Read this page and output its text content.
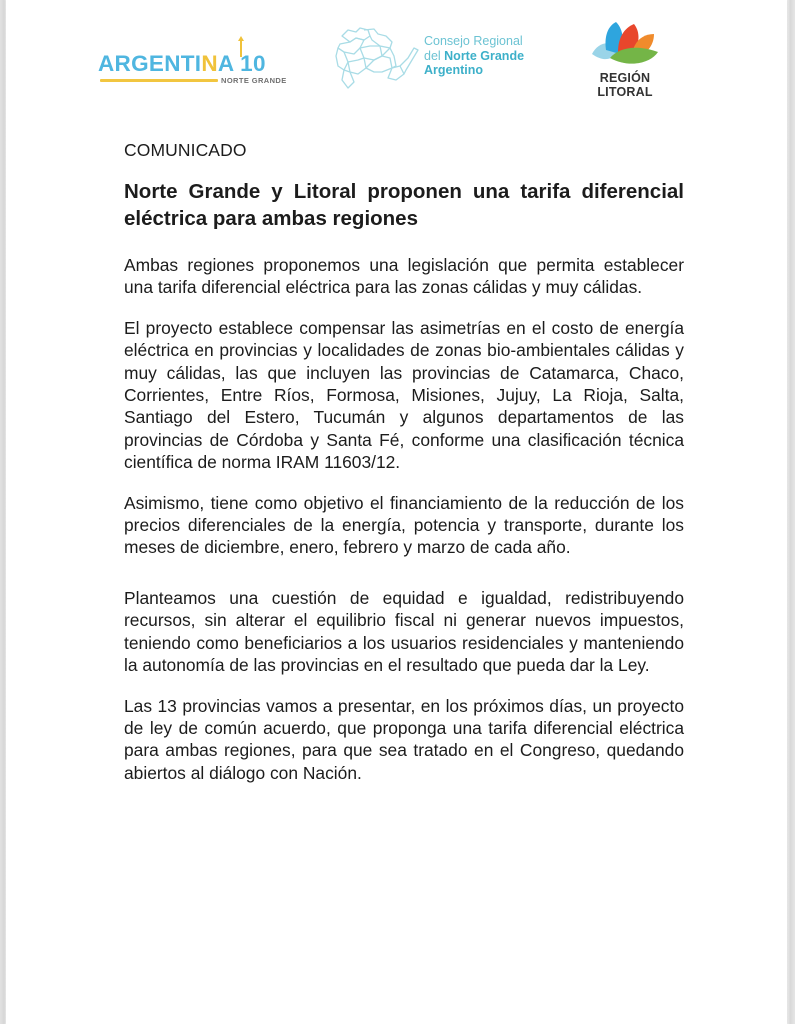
ARGENTINA 10
NORTE GRANDE
Consejo Regional
del Norte Grande
Argentino
REGIÓN
LITORAL
COMUNICADO
Norte Grande y Litoral proponen una tarifa diferencial eléctrica para ambas regiones

Ambas regiones proponemos una legislación que permita establecer una tarifa diferencial eléctrica para las zonas cálidas y muy cálidas.

El proyecto establece compensar las asimetrías en el costo de energía eléctrica en provincias y localidades de zonas bio-ambientales cálidas y muy cálidas, las que incluyen las provincias de Catamarca, Chaco, Corrientes, Entre Ríos, Formosa, Misiones, Jujuy, La Rioja, Salta, Santiago del Estero, Tucumán y algunos departamentos de las provincias de Córdoba y Santa Fé, conforme una clasificación técnica científica de norma IRAM 11603/12.

Asimismo, tiene como objetivo el financiamiento de la reducción de los precios diferenciales de la energía, potencia y transporte, durante los meses de diciembre, enero, febrero y marzo de cada año.

Planteamos una cuestión de equidad e igualdad, redistribuyendo recursos, sin alterar el equilibrio fiscal ni generar nuevos impuestos, teniendo como beneficiarios a los usuarios residenciales y manteniendo la autonomía de las provincias en el resultado que pueda dar la Ley.

Las 13 provincias vamos a presentar, en los próximos días, un proyecto de ley de común acuerdo, que proponga una tarifa diferencial eléctrica para ambas regiones, para que sea tratado en el Congreso, quedando abiertos al diálogo con Nación.
